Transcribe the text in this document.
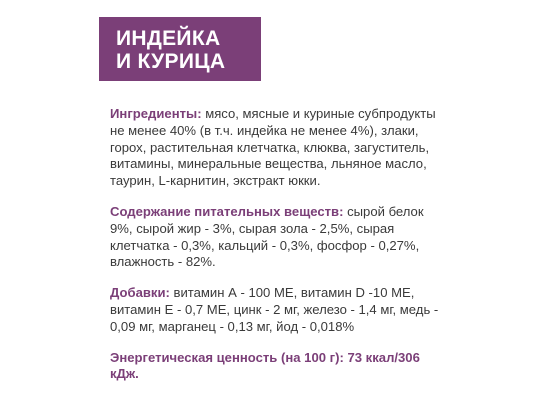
ИНДЕЙКА
И КУРИЦА

Ингредиенты: мясо, мясные и куриные субпродукты не менее 40% (в т.ч. индейка не менее 4%), злаки, горох, растительная клетчатка, клюква, загуститель, витамины, минеральные вещества, льняное масло, таурин, L-карнитин, экстракт юкки.

Содержание питательных веществ: сырой белок 9%, сырой жир - 3%, сырая зола - 2,5%, сырая клетчатка - 0,3%, кальций - 0,3%, фосфор - 0,27%, влажность - 82%.

Добавки: витамин А - 100 МЕ, витамин D -10 МЕ, витамин Е - 0,7 МЕ, цинк - 2 мг, железо - 1,4 мг, медь - 0,09 мг, марганец - 0,13 мг, йод - 0,018%

Энергетическая ценность (на 100 г): 73 ккал/306 кДж.
